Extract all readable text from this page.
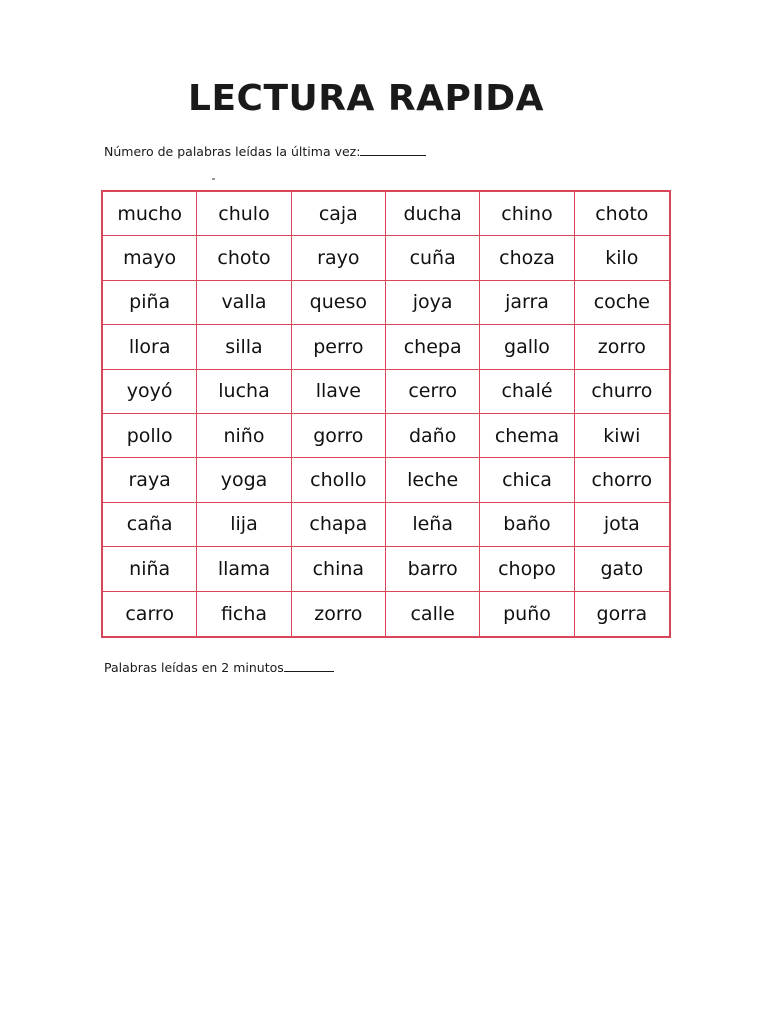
LECTURA RAPIDA
Número de palabras leídas la última vez:
mucho	chulo	caja	ducha	chino	choto
mayo	choto	rayo	cuña	choza	kilo
piña	valla	queso	joya	jarra	coche
llora	silla	perro	chepa	gallo	zorro
yoyó	lucha	llave	cerro	chalé	churro
pollo	niño	gorro	daño	chema	kiwi
raya	yoga	chollo	leche	chica	chorro
caña	lija	chapa	leña	baño	jota
niña	llama	china	barro	chopo	gato
carro	ficha	zorro	calle	puño	gorra
Palabras leídas en 2 minutos
